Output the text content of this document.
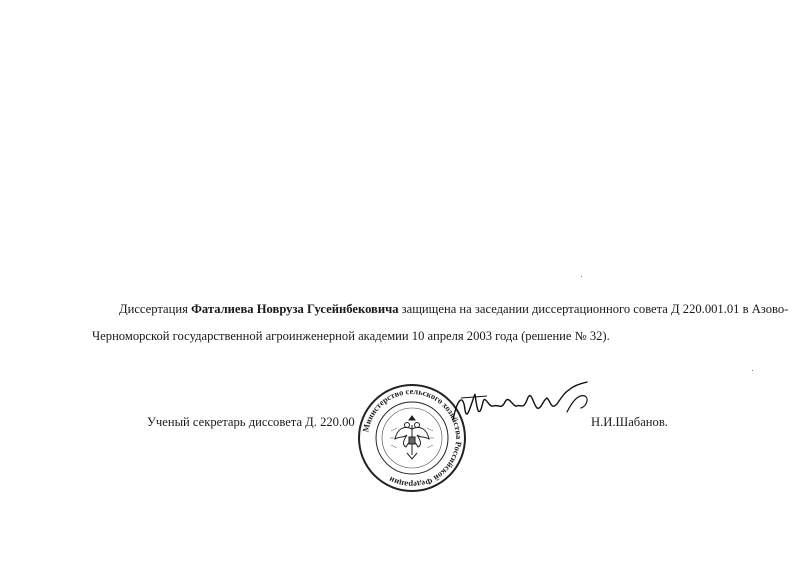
Диссертация Фаталиева Новруза Гусейнбековича защищена на заседании диссертационного совета Д 220.001.01 в Азово-Черноморской государственной агроинженерной академии 10 апреля 2003 года (решение № 32).

Ученый секретарь диссовета Д. 220.00 Министерство сельского хозяйства Российской Федерации
Н.И.Шабанов.
